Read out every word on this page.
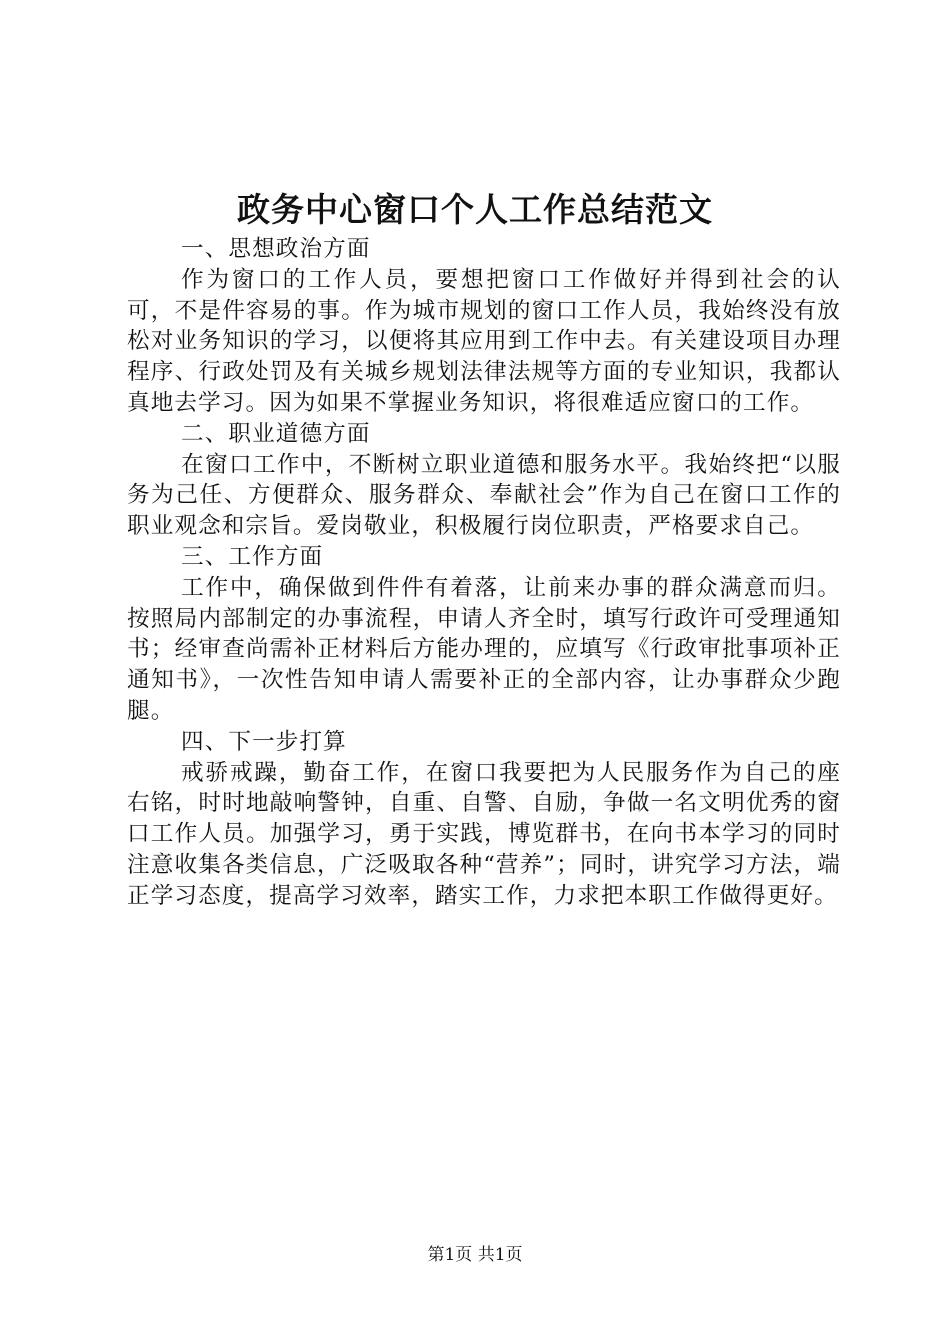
政务中心窗口个人工作总结范文
一、思想政治方面

作为窗口的工作人员，要想把窗口工作做好并得到社会的认可，不是件容易的事。作为城市规划的窗口工作人员，我始终没有放松对业务知识的学习，以便将其应用到工作中去。有关建设项目办理程序、行政处罚及有关城乡规划法律法规等方面的专业知识，我都认真地去学习。因为如果不掌握业务知识，将很难适应窗口的工作。

二、职业道德方面

在窗口工作中，不断树立职业道德和服务水平。我始终把“以服务为己任、方便群众、服务群众、奉献社会”作为自己在窗口工作的职业观念和宗旨。爱岗敬业，积极履行岗位职责，严格要求自己。

三、工作方面

工作中，确保做到件件有着落，让前来办事的群众满意而归。按照局内部制定的办事流程，申请人齐全时，填写行政许可受理通知书；经审查尚需补正材料后方能办理的，应填写《行政审批事项补正通知书》，一次性告知申请人需要补正的全部内容，让办事群众少跑腿。

四、下一步打算

戒骄戒躁，勤奋工作，在窗口我要把为人民服务作为自己的座右铭，时时地敲响警钟，自重、自警、自励，争做一名文明优秀的窗口工作人员。加强学习，勇于实践，博览群书，在向书本学习的同时注意收集各类信息，广泛吸取各种“营养”；同时，讲究学习方法，端正学习态度，提高学习效率，踏实工作，力求把本职工作做得更好。

第1页 共1页
